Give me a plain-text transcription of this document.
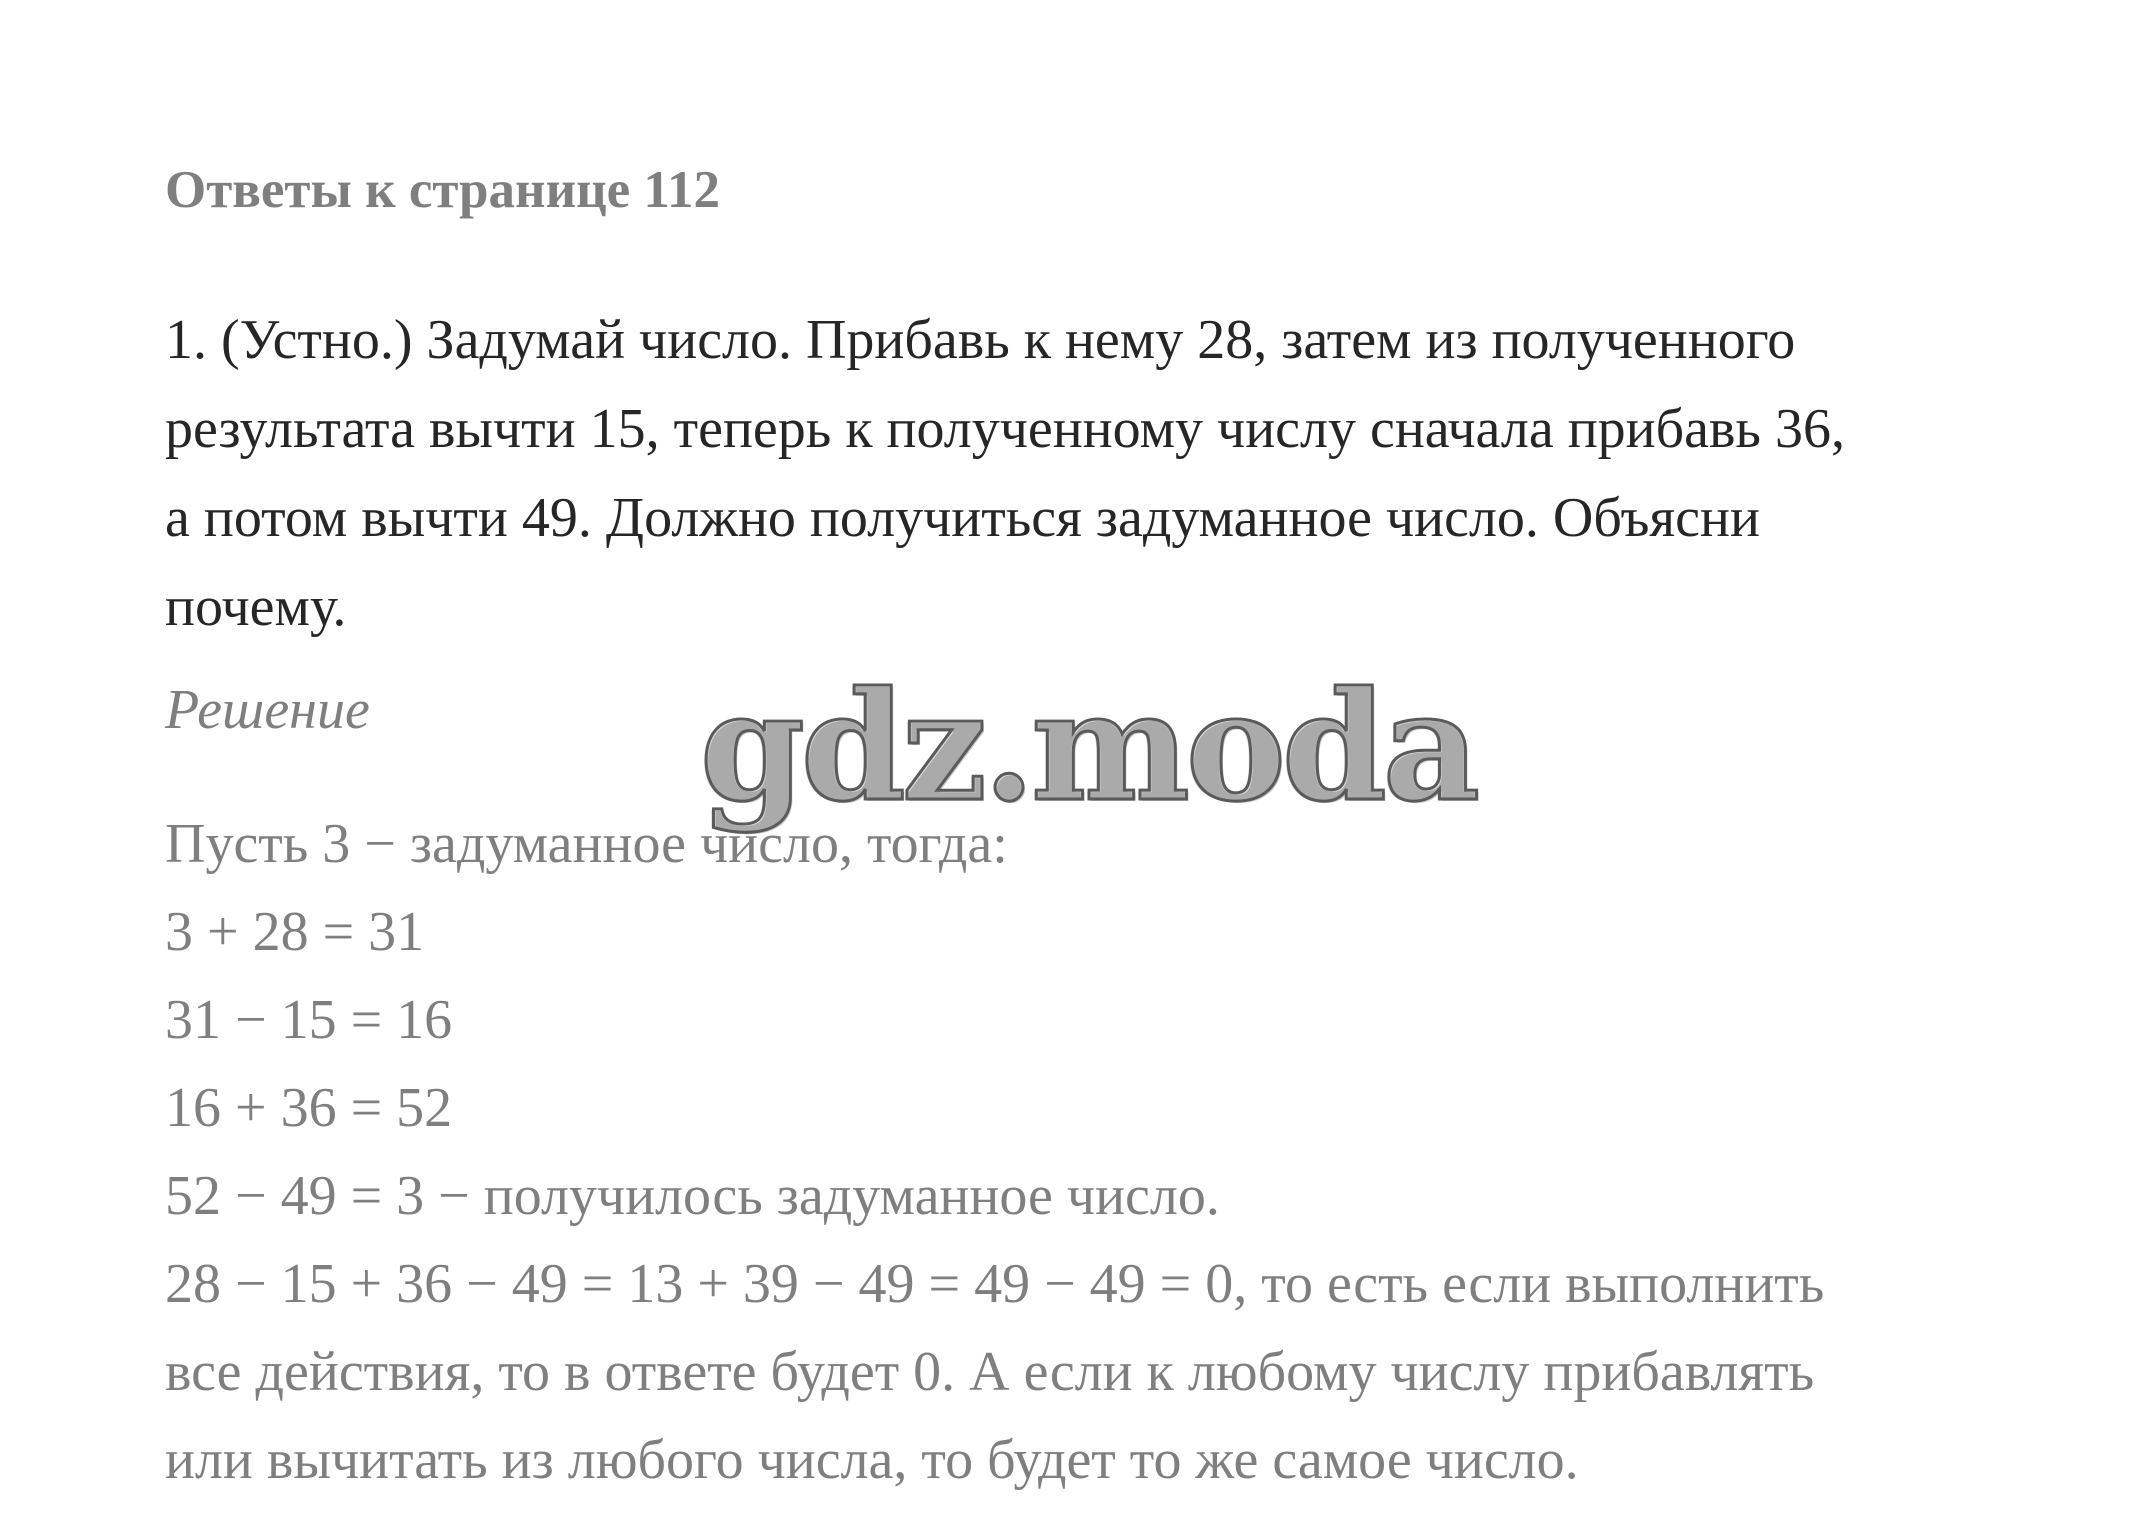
Ответы к странице 112
1. (Устно.) Задумай число. Прибавь к нему 28, затем из полученного
результата вычти 15, теперь к полученному числу сначала прибавь 36,
а потом вычти 49. Должно получиться задуманное число. Объясни
почему.
Решение
Пусть 3 − задуманное число, тогда:
3 + 28 = 31
31 − 15 = 16
16 + 36 = 52
52 − 49 = 3 − получилось задуманное число.
28 − 15 + 36 − 49 = 13 + 39 − 49 = 49 − 49 = 0, то есть если выполнить
все действия, то в ответе будет 0. А если к любому числу прибавлять
или вычитать из любого числа, то будет то же самое число.
gdz.moda
